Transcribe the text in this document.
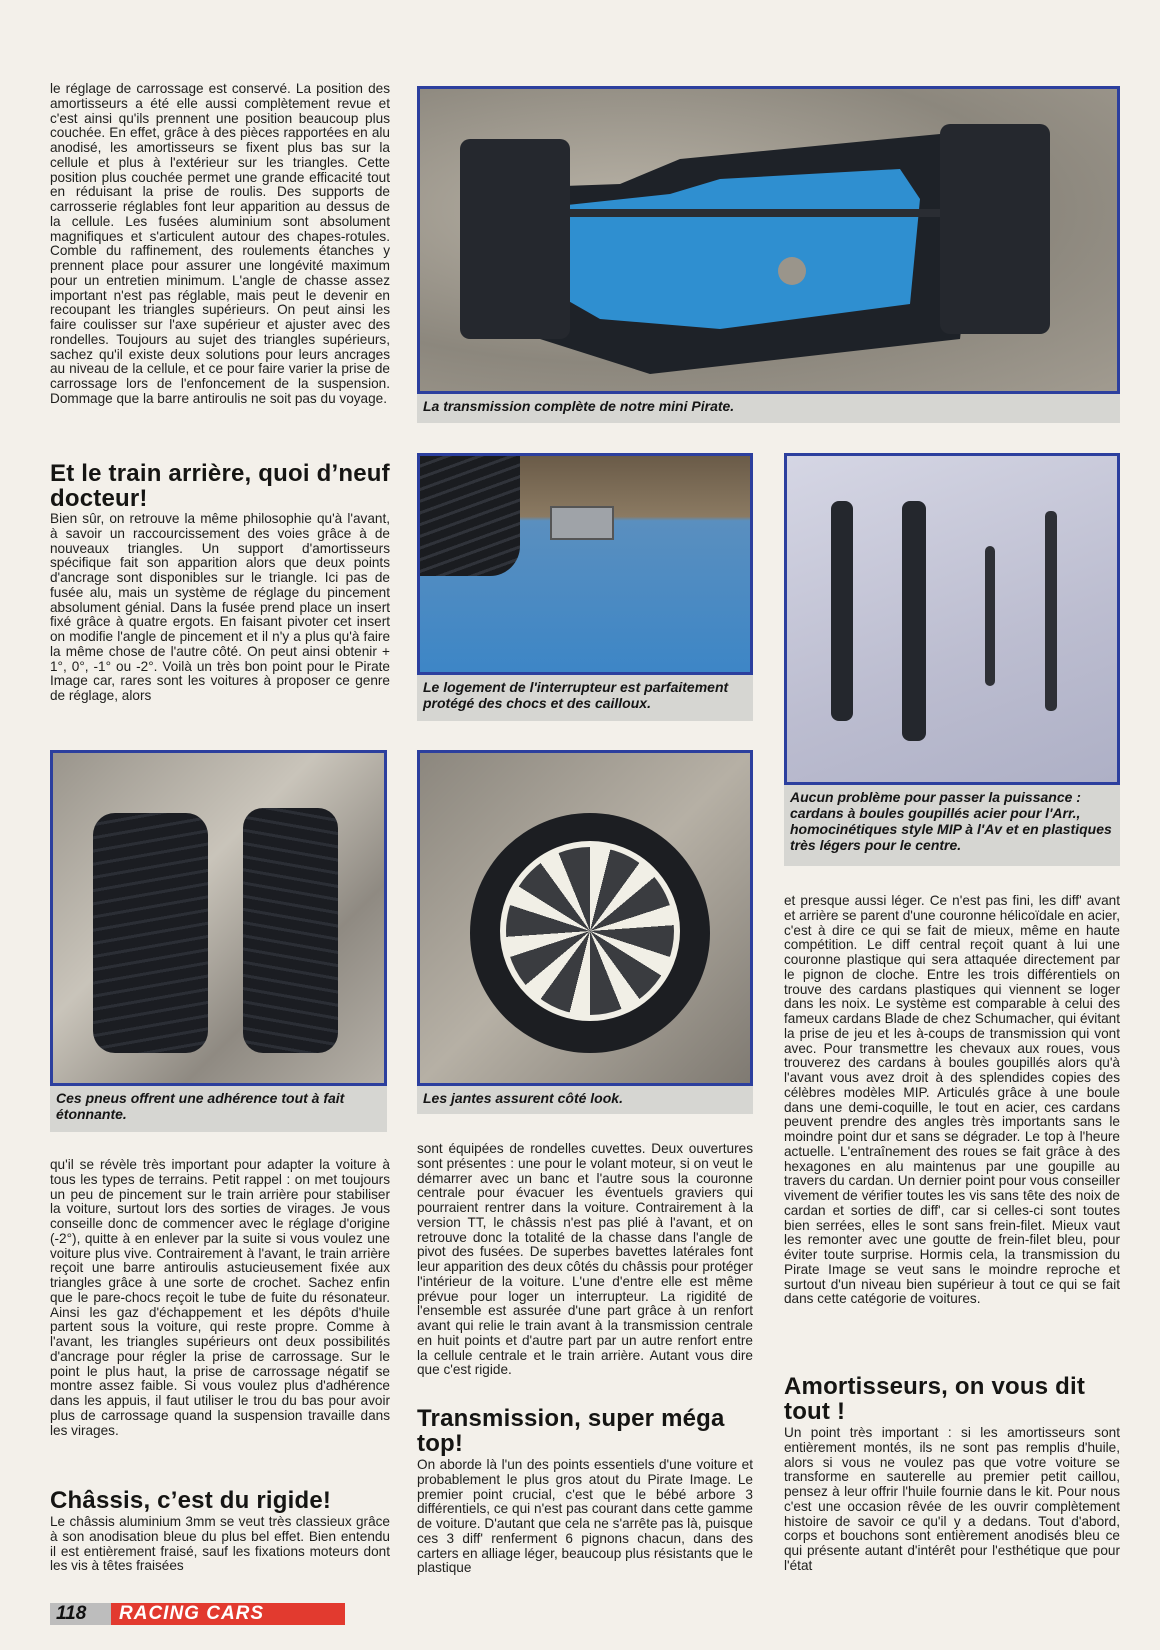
le réglage de carrossage est conservé. La position des amortisseurs a été elle aussi complètement revue et c'est ainsi qu'ils prennent une position beaucoup plus couchée. En effet, grâce à des pièces rapportées en alu anodisé, les amortisseurs se fixent plus bas sur la cellule et plus à l'extérieur sur les triangles. Cette position plus couchée permet une grande efficacité tout en réduisant la prise de roulis. Des supports de carrosserie réglables font leur apparition au dessus de la cellule. Les fusées aluminium sont absolument magnifiques et s'articulent autour des chapes-rotules. Comble du raffinement, des roulements étanches y prennent place pour assurer une longévité maximum pour un entretien minimum. L'angle de chasse assez important n'est pas réglable, mais peut le devenir en recoupant les triangles supérieurs. On peut ainsi les faire coulisser sur l'axe supérieur et ajuster avec des rondelles. Toujours au sujet des triangles supérieurs, sachez qu'il existe deux solutions pour leurs ancrages au niveau de la cellule, et ce pour faire varier la prise de carrossage lors de l'enfoncement de la suspension. Dommage que la barre antiroulis ne soit pas du voyage.

Et le train arrière, quoi d’neuf docteur!

Bien sûr, on retrouve la même philosophie qu'à l'avant, à savoir un raccourcissement des voies grâce à de nouveaux triangles. Un support d'amortisseurs spécifique fait son apparition alors que deux points d'ancrage sont disponibles sur le triangle. Ici pas de fusée alu, mais un système de réglage du pincement absolument génial. Dans la fusée prend place un insert fixé grâce à quatre ergots. En faisant pivoter cet insert on modifie l'angle de pincement et il n'y a plus qu'à faire la même chose de l'autre côté. On peut ainsi obtenir + 1°, 0°, -1° ou -2°. Voilà un très bon point pour le Pirate Image car, rares sont les voitures à proposer ce genre de réglage, alors

Ces pneus offrent une adhérence tout à fait étonnante.

qu'il se révèle très important pour adapter la voiture à tous les types de terrains. Petit rappel : on met toujours un peu de pincement sur le train arrière pour stabiliser la voiture, surtout lors des sorties de virages. Je vous conseille donc de commencer avec le réglage d'origine (-2°), quitte à en enlever par la suite si vous voulez une voiture plus vive. Contrairement à l'avant, le train arrière reçoit une barre antiroulis astucieusement fixée aux triangles grâce à une sorte de crochet. Sachez enfin que le pare-chocs reçoit le tube de fuite du résonateur. Ainsi les gaz d'échappement et les dépôts d'huile partent sous la voiture, qui reste propre. Comme à l'avant, les triangles supérieurs ont deux possibilités d'ancrage pour régler la prise de carrossage. Sur le point le plus haut, la prise de carrossage négatif se montre assez faible. Si vous voulez plus d'adhérence dans les appuis, il faut utiliser le trou du bas pour avoir plus de carrossage quand la suspension travaille dans les virages.

Châssis, c’est du rigide!

Le châssis aluminium 3mm se veut très classieux grâce à son anodisation bleue du plus bel effet. Bien entendu il est entièrement fraisé, sauf les fixations moteurs dont les vis à têtes fraisées

La transmission complète de notre mini Pirate.
Le logement de l'interrupteur est parfaitement protégé des chocs et des cailloux.
Aucun problème pour passer la puissance : cardans à boules goupillés acier pour l'Arr., homocinétiques style MIP à l'Av et en plastiques très légers pour le centre.
Les jantes assurent côté look.

sont équipées de rondelles cuvettes. Deux ouvertures sont présentes : une pour le volant moteur, si on veut le démarrer avec un banc et l'autre sous la couronne centrale pour évacuer les éventuels graviers qui pourraient rentrer dans la voiture. Contrairement à la version TT, le châssis n'est pas plié à l'avant, et on retrouve donc la totalité de la chasse dans l'angle de pivot des fusées. De superbes bavettes latérales font leur apparition des deux côtés du châssis pour protéger l'intérieur de la voiture. L'une d'entre elle est même prévue pour loger un interrupteur. La rigidité de l'ensemble est assurée d'une part grâce à un renfort avant qui relie le train avant à la transmission centrale en huit points et d'autre part par un autre renfort entre la cellule centrale et le train arrière. Autant vous dire que c'est rigide.

Transmission, super méga top!

On aborde là l'un des points essentiels d'une voiture et probablement le plus gros atout du Pirate Image. Le premier point crucial, c'est que le bébé arbore 3 différentiels, ce qui n'est pas courant dans cette gamme de voiture. D'autant que cela ne s'arrête pas là, puisque ces 3 diff' renferment 6 pignons chacun, dans des carters en alliage léger, beaucoup plus résistants que le plastique

et presque aussi léger. Ce n'est pas fini, les diff' avant et arrière se parent d'une couronne hélicoïdale en acier, c'est à dire ce qui se fait de mieux, même en haute compétition. Le diff central reçoit quant à lui une couronne plastique qui sera attaquée directement par le pignon de cloche. Entre les trois différentiels on trouve des cardans plastiques qui viennent se loger dans les noix. Le système est comparable à celui des fameux cardans Blade de chez Schumacher, qui évitant la prise de jeu et les à-coups de transmission qui vont avec. Pour transmettre les chevaux aux roues, vous trouverez des cardans à boules goupillés alors qu'à l'avant vous avez droit à des splendides copies des célèbres modèles MIP. Articulés grâce à une boule dans une demi-coquille, le tout en acier, ces cardans peuvent prendre des angles très importants sans le moindre point dur et sans se dégrader. Le top à l'heure actuelle. L'entraînement des roues se fait grâce à des hexagones en alu maintenus par une goupille au travers du cardan. Un dernier point pour vous conseiller vivement de vérifier toutes les vis sans tête des noix de cardan et sorties de diff', car si celles-ci sont toutes bien serrées, elles le sont sans frein-filet. Mieux vaut les remonter avec une goutte de frein-filet bleu, pour éviter toute surprise. Hormis cela, la transmission du Pirate Image se veut sans le moindre reproche et surtout d'un niveau bien supérieur à tout ce qui se fait dans cette catégorie de voitures.

Amortisseurs, on vous dit tout !

Un point très important : si les amortisseurs sont entièrement montés, ils ne sont pas remplis d'huile, alors si vous ne voulez pas que votre voiture se transforme en sauterelle au premier petit caillou, pensez à leur offrir l'huile fournie dans le kit. Pour nous c'est une occasion rêvée de les ouvrir complètement histoire de savoir ce qu'il y a dedans. Tout d'abord, corps et bouchons sont entièrement anodisés bleu ce qui présente autant d'intérêt pour l'esthétique que pour l'état

118	RACING CARS
